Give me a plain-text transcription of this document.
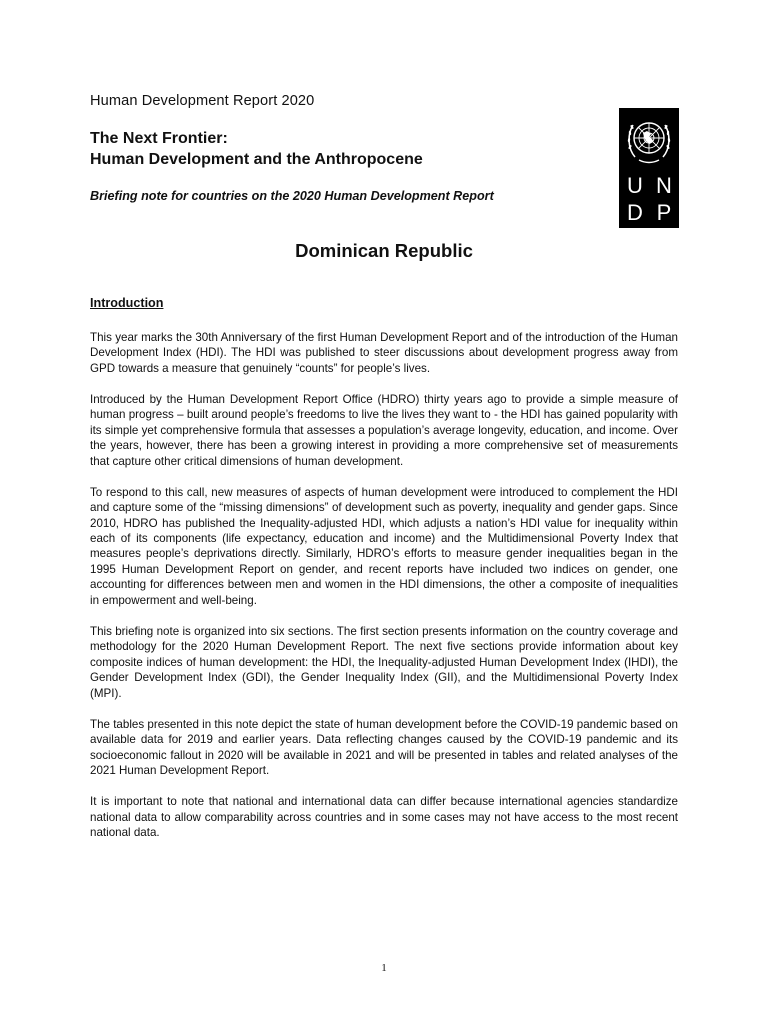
Human Development Report 2020
The Next Frontier:
Human Development and the Anthropocene
Briefing note for countries on the 2020 Human Development Report	U N
D P
Dominican Republic
Introduction

This year marks the 30th Anniversary of the first Human Development Report and of the introduction of the Human Development Index (HDI). The HDI was published to steer discussions about development progress away from GPD towards a measure that genuinely “counts” for people’s lives.

Introduced by the Human Development Report Office (HDRO) thirty years ago to provide a simple measure of human progress – built around people’s freedoms to live the lives they want to - the HDI has gained popularity with its simple yet comprehensive formula that assesses a population’s average longevity, education, and income. Over the years, however, there has been a growing interest in providing a more comprehensive set of measurements that capture other critical dimensions of human development.

To respond to this call, new measures of aspects of human development were introduced to complement the HDI and capture some of the “missing dimensions” of development such as poverty, inequality and gender gaps. Since 2010, HDRO has published the Inequality-adjusted HDI, which adjusts a nation’s HDI value for inequality within each of its components (life expectancy, education and income) and the Multidimensional Poverty Index that measures people’s deprivations directly. Similarly, HDRO’s efforts to measure gender inequalities began in the 1995 Human Development Report on gender, and recent reports have included two indices on gender, one accounting for differences between men and women in the HDI dimensions, the other a composite of inequalities in empowerment and well-being.

This briefing note is organized into six sections. The first section presents information on the country coverage and methodology for the 2020 Human Development Report. The next five sections provide information about key composite indices of human development: the HDI, the Inequality-adjusted Human Development Index (IHDI), the Gender Development Index (GDI), the Gender Inequality Index (GII), and the Multidimensional Poverty Index (MPI).

The tables presented in this note depict the state of human development before the COVID-19 pandemic based on available data for 2019 and earlier years. Data reflecting changes caused by the COVID-19 pandemic and its socioeconomic fallout in 2020 will be available in 2021 and will be presented in tables and related analyses of the 2021 Human Development Report.

It is important to note that national and international data can differ because international agencies standardize national data to allow comparability across countries and in some cases may not have access to the most recent national data.

1
